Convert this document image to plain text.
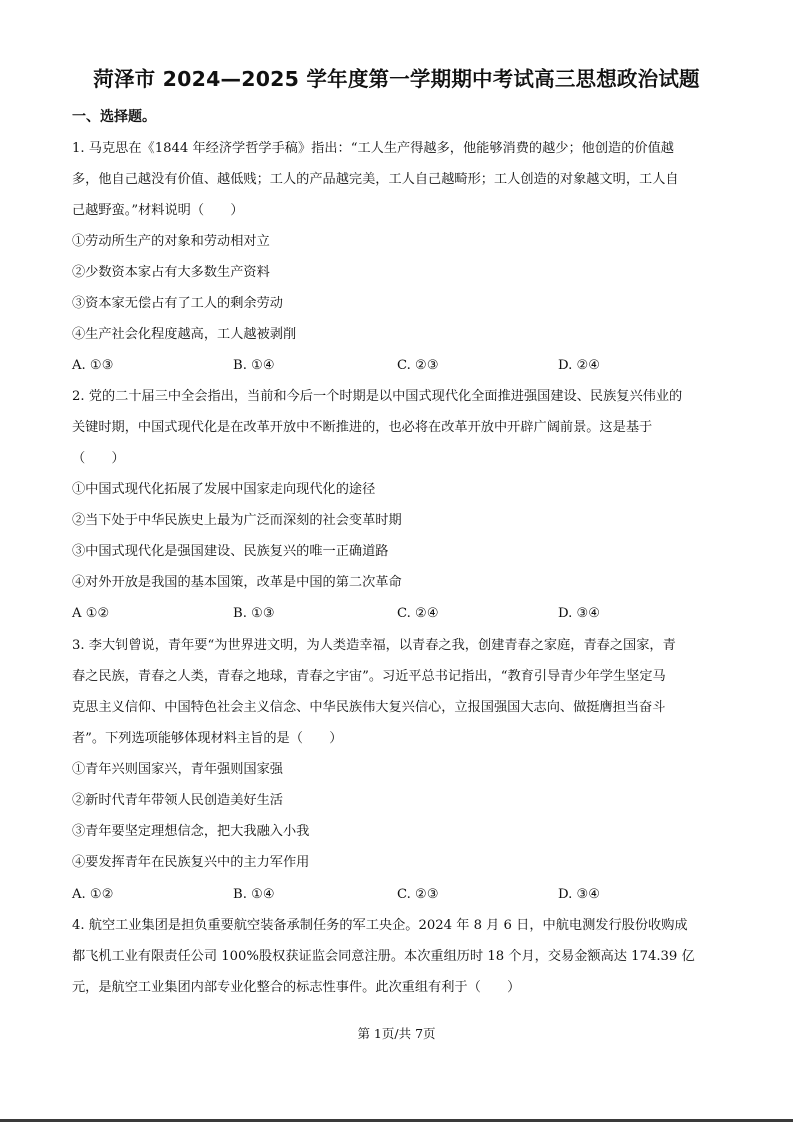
菏泽市 2024—2025 学年度第一学期期中考试高三思想政治试题
一、选择题。
1. 马克思在《1844 年经济学哲学手稿》指出：“工人生产得越多，他能够消费的越少；他创造的价值越
多，他自己越没有价值、越低贱；工人的产品越完美，工人自己越畸形；工人创造的对象越文明，工人自
己越野蛮。”材料说明（　　）
①劳动所生产的对象和劳动相对立
②少数资本家占有大多数生产资料
③资本家无偿占有了工人的剩余劳动
④生产社会化程度越高，工人越被剥削
A. ①③	B. ①④	C. ②③	D. ②④
2. 党的二十届三中全会指出，当前和今后一个时期是以中国式现代化全面推进强国建设、民族复兴伟业的
关键时期，中国式现代化是在改革开放中不断推进的，也必将在改革开放中开辟广阔前景。这是基于
（　　）
①中国式现代化拓展了发展中国家走向现代化的途径
②当下处于中华民族史上最为广泛而深刻的社会变革时期
③中国式现代化是强国建设、民族复兴的唯一正确道路
④对外开放是我国的基本国策，改革是中国的第二次革命
A ①②	B. ①③	C. ②④	D. ③④
3. 李大钊曾说，青年要“为世界进文明，为人类造幸福，以青春之我，创建青春之家庭，青春之国家，青
春之民族，青春之人类，青春之地球，青春之宇宙”。习近平总书记指出，“教育引导青少年学生坚定马
克思主义信仰、中国特色社会主义信念、中华民族伟大复兴信心，立报国强国大志向、做挺膺担当奋斗
者”。下列选项能够体现材料主旨的是（　　）
①青年兴则国家兴，青年强则国家强
②新时代青年带领人民创造美好生活
③青年要坚定理想信念，把大我融入小我
④要发挥青年在民族复兴中的主力军作用
A. ①②	B. ①④	C. ②③	D. ③④
4. 航空工业集团是担负重要航空装备承制任务的军工央企。2024 年 8 月 6 日，中航电测发行股份收购成
都飞机工业有限责任公司 100%股权获证监会同意注册。本次重组历时 18 个月，交易金额高达 174.39 亿
元，是航空工业集团内部专业化整合的标志性事件。此次重组有利于（　　）
第 1页/共 7页
